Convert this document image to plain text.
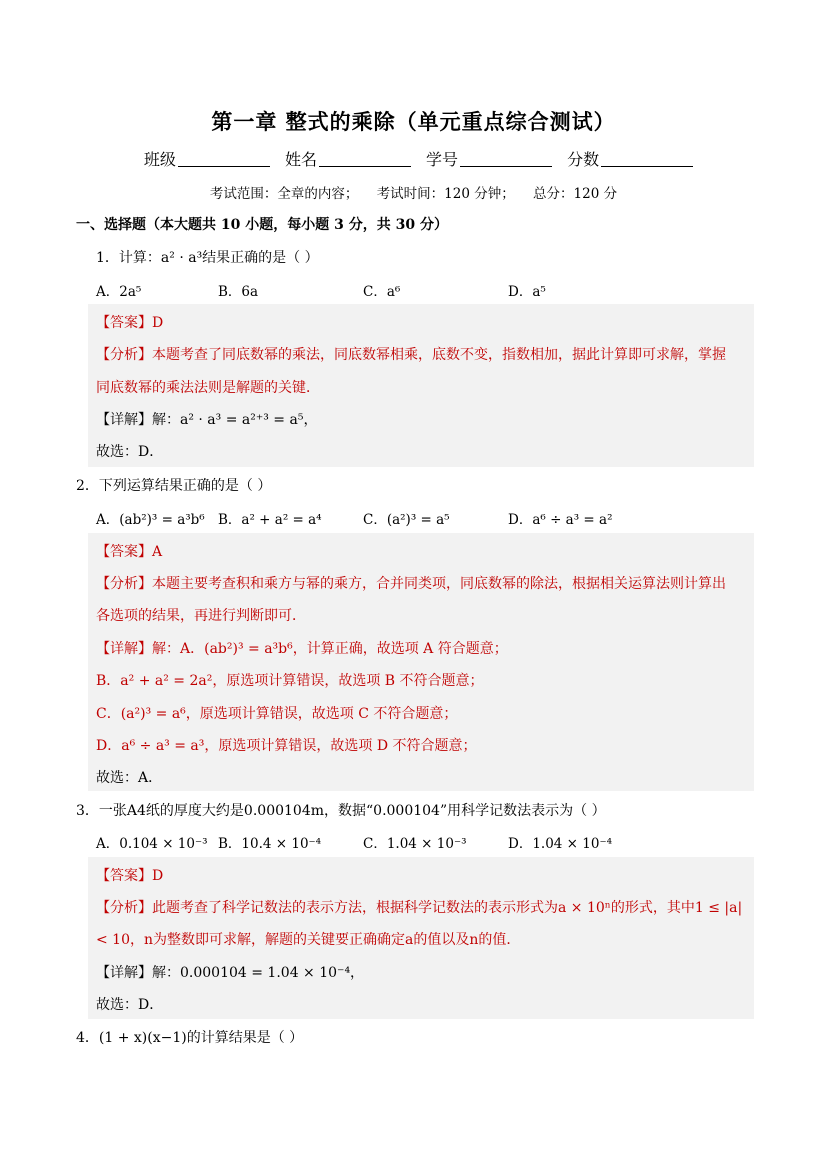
第一章 整式的乘除（单元重点综合测试）
班级	姓名	学号	分数
考试范围：全章的内容； 考试时间：120 分钟； 总分：120 分
一、选择题（本大题共 10 小题，每小题 3 分，共 30 分）
1．计算：a² · a³结果正确的是（ ）
A．2a⁵	B．6a	C．a⁶	D．a⁵
【答案】D
【分析】本题考查了同底数幂的乘法，同底数幂相乘，底数不变，指数相加，据此计算即可求解，掌握
同底数幂的乘法法则是解题的关键．
【详解】解：a² · a³ = a²⁺³ = a⁵，
故选：D．
2．下列运算结果正确的是（ ）
A．(ab²)³ = a³b⁶ B．a² + a² = a⁴	C．(a²)³ = a⁵	D．a⁶ ÷ a³ = a²
【答案】A
【分析】本题主要考查积和乘方与幂的乘方，合并同类项，同底数幂的除法，根据相关运算法则计算出
各选项的结果，再进行判断即可．
【详解】解：A．(ab²)³ = a³b⁶，计算正确，故选项 A 符合题意；
B．a² + a² = 2a²，原选项计算错误，故选项 B 不符合题意；
C．(a²)³ = a⁶，原选项计算错误，故选项 C 不符合题意；
D．a⁶ ÷ a³ = a³，原选项计算错误，故选项 D 不符合题意；
故选：A．
3．一张A4纸的厚度大约是0.000104m，数据“0.000104”用科学记数法表示为（ ）
A．0.104 × 10⁻³ B．10.4 × 10⁻⁴	C．1.04 × 10⁻³	D．1.04 × 10⁻⁴
【答案】D
【分析】此题考查了科学记数法的表示方法，根据科学记数法的表示形式为a × 10ⁿ的形式，其中1 ≤ |a|
< 10，n为整数即可求解，解题的关键要正确确定a的值以及n的值．
【详解】解：0.000104 = 1.04 × 10⁻⁴，
故选：D．
4．(1 + x)(x−1)的计算结果是（ ）
